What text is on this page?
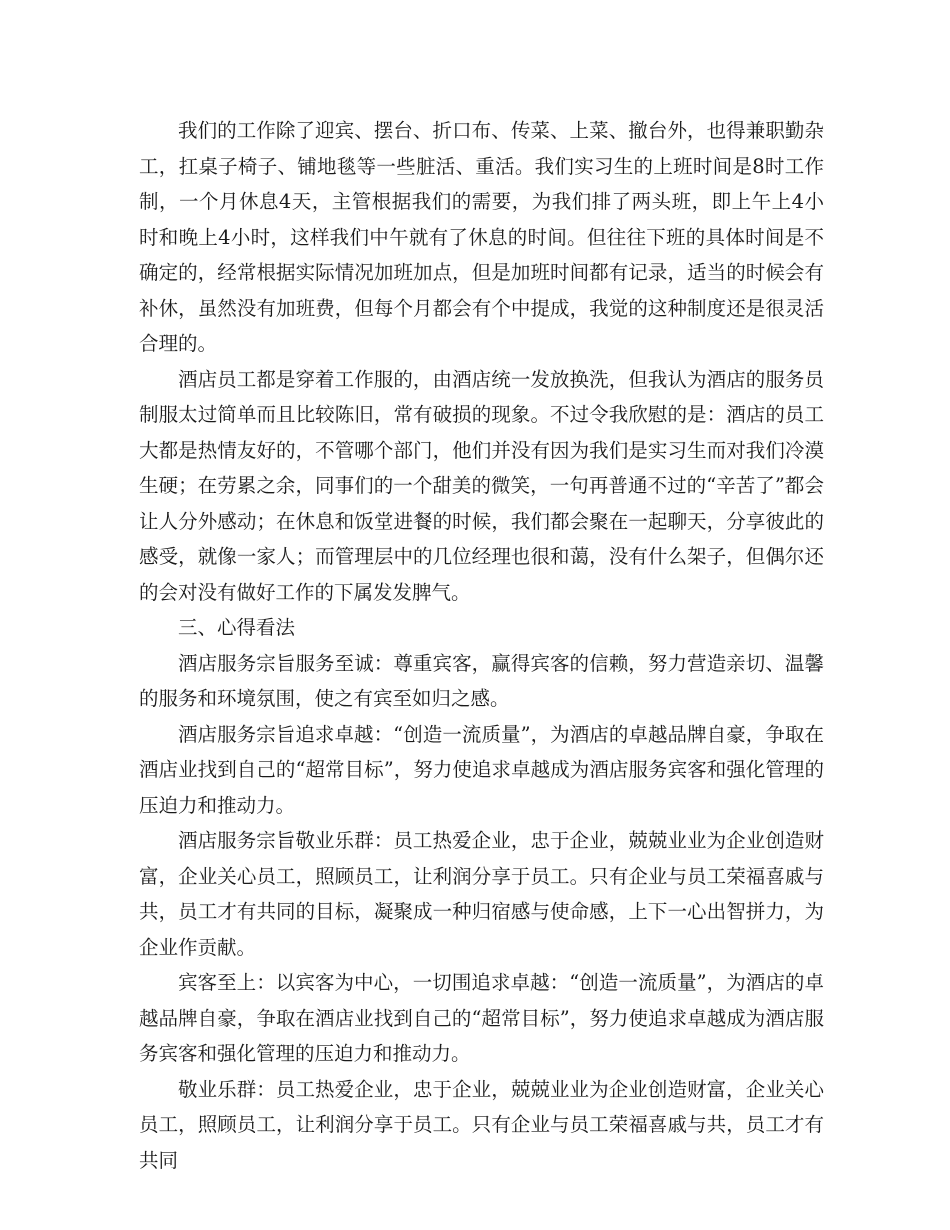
我们的工作除了迎宾、摆台、折口布、传菜、上菜、撤台外，也得兼职勤杂工，扛桌子椅子、铺地毯等一些脏活、重活。我们实习生的上班时间是8时工作制，一个月休息4天，主管根据我们的需要，为我们排了两头班，即上午上4小时和晚上4小时，这样我们中午就有了休息的时间。但往往下班的具体时间是不确定的，经常根据实际情况加班加点，但是加班时间都有记录，适当的时候会有补休，虽然没有加班费，但每个月都会有个中提成，我觉的这种制度还是很灵活合理的。

酒店员工都是穿着工作服的，由酒店统一发放换洗，但我认为酒店的服务员制服太过简单而且比较陈旧，常有破损的现象。不过令我欣慰的是：酒店的员工大都是热情友好的，不管哪个部门，他们并没有因为我们是实习生而对我们冷漠生硬；在劳累之余，同事们的一个甜美的微笑，一句再普通不过的“辛苦了”都会让人分外感动；在休息和饭堂进餐的时候，我们都会聚在一起聊天，分享彼此的感受，就像一家人；而管理层中的几位经理也很和蔼，没有什么架子，但偶尔还的会对没有做好工作的下属发发脾气。

三、心得看法

酒店服务宗旨服务至诚：尊重宾客，赢得宾客的信赖，努力营造亲切、温馨的服务和环境氛围，使之有宾至如归之感。

酒店服务宗旨追求卓越：“创造一流质量”，为酒店的卓越品牌自豪，争取在酒店业找到自己的“超常目标”，努力使追求卓越成为酒店服务宾客和强化管理的压迫力和推动力。

酒店服务宗旨敬业乐群：员工热爱企业，忠于企业，兢兢业业为企业创造财富，企业关心员工，照顾员工，让利润分享于员工。只有企业与员工荣福喜戚与共，员工才有共同的目标，凝聚成一种归宿感与使命感，上下一心出智拼力，为企业作贡献。

宾客至上：以宾客为中心，一切围追求卓越：“创造一流质量”，为酒店的卓越品牌自豪，争取在酒店业找到自己的“超常目标”，努力使追求卓越成为酒店服务宾客和强化管理的压迫力和推动力。

敬业乐群：员工热爱企业，忠于企业，兢兢业业为企业创造财富，企业关心员工，照顾员工，让利润分享于员工。只有企业与员工荣福喜戚与共，员工才有共同
